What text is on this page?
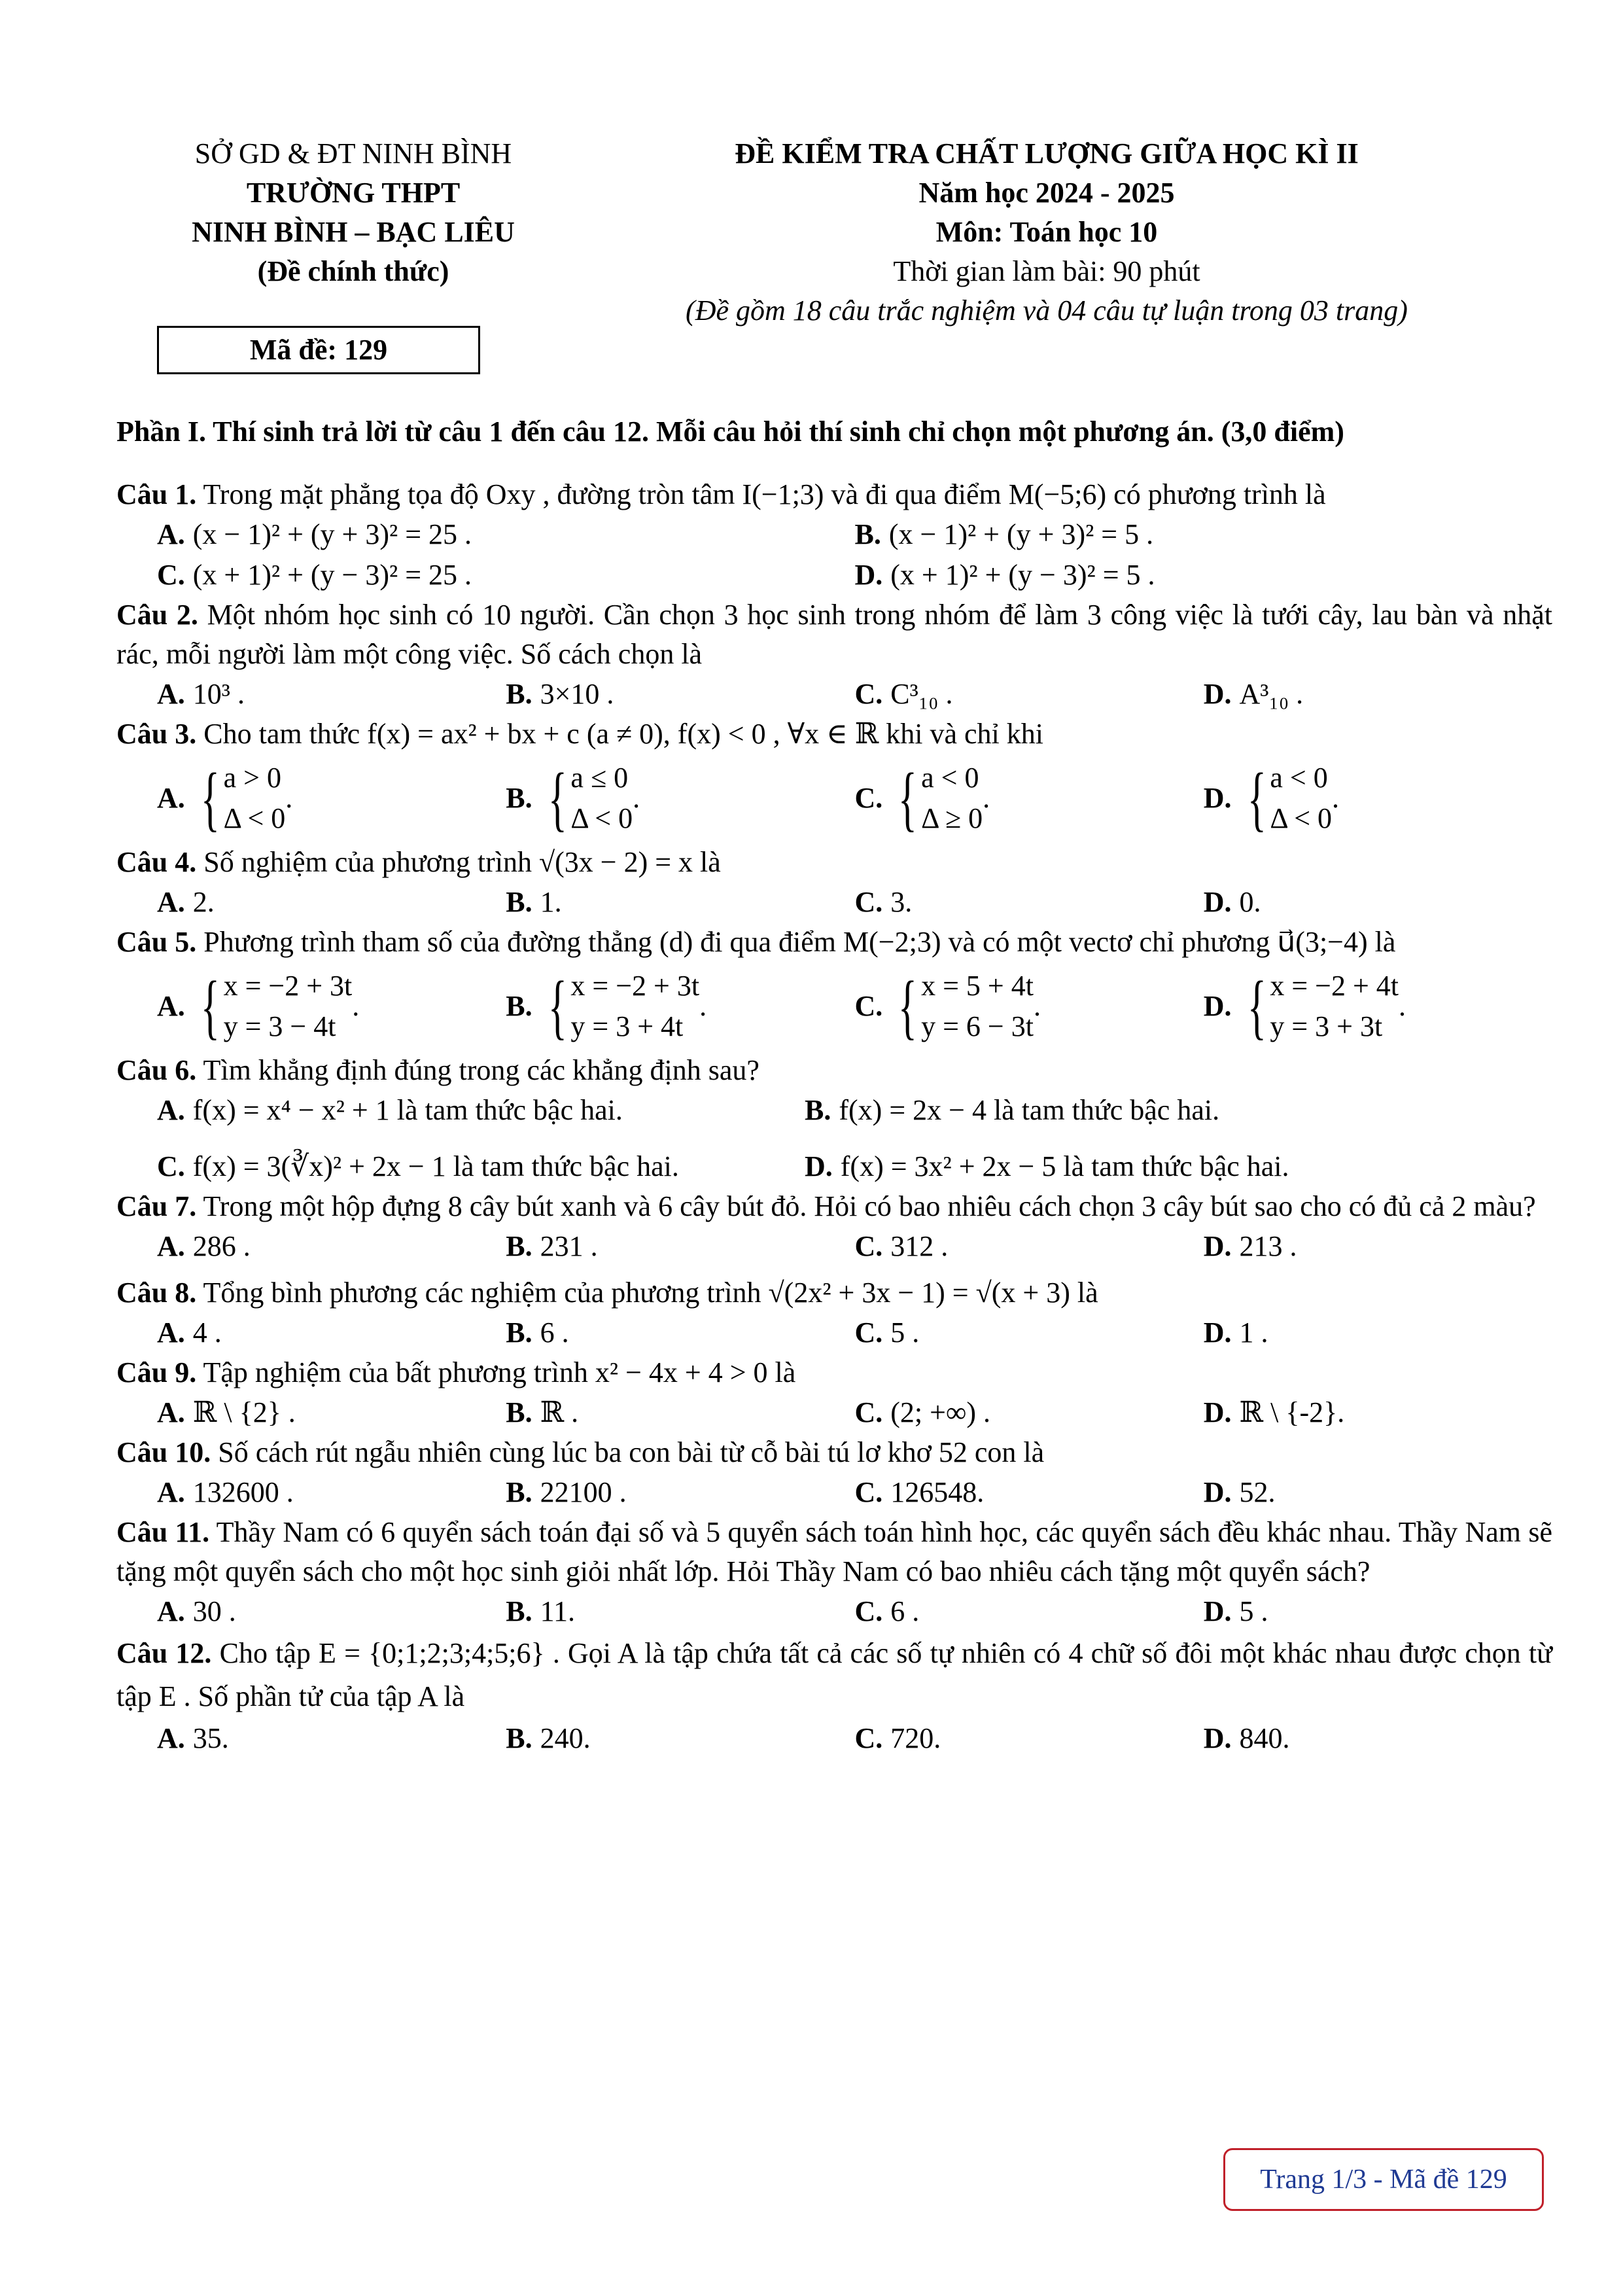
SỞ GD & ĐT NINH BÌNH
TRƯỜNG THPT
NINH BÌNH – BẠC LIÊU
(Đề chính thức)
ĐỀ KIỂM TRA CHẤT LƯỢNG GIỮA HỌC KÌ II
Năm học 2024 - 2025
Môn: Toán học 10
Thời gian làm bài: 90 phút
(Đề gồm 18 câu trắc nghiệm và 04 câu tự luận trong 03 trang)
Mã đề: 129
Phần I. Thí sinh trả lời từ câu 1 đến câu 12. Mỗi câu hỏi thí sinh chỉ chọn một phương án. (3,0 điểm)
Câu 1. Trong mặt phẳng tọa độ Oxy , đường tròn tâm I(−1;3) và đi qua điểm M(−5;6) có phương trình là
A. (x − 1)² + (y + 3)² = 25 .	B. (x − 1)² + (y + 3)² = 5 .
C. (x + 1)² + (y − 3)² = 25 .	D. (x + 1)² + (y − 3)² = 5 .
Câu 2. Một nhóm học sinh có 10 người. Cần chọn 3 học sinh trong nhóm để làm 3 công việc là tưới cây, lau bàn và nhặt rác, mỗi người làm một công việc. Số cách chọn là
A. 10³ .	B. 3×10 .	C. C³₁₀ .	D. A³₁₀ .
Câu 3. Cho tam thức f(x) = ax² + bx + c (a ≠ 0), f(x) < 0 , ∀x ∈ ℝ khi và chỉ khi
A. { a > 0
Δ < 0
.	B. { a ≤ 0
Δ < 0
.	C. { a < 0
Δ ≥ 0
.	D. { a < 0
Δ < 0
.
Câu 4. Số nghiệm của phương trình √(3x − 2) = x là
A. 2.	B. 1.	C. 3.	D. 0.
Câu 5. Phương trình tham số của đường thẳng (d) đi qua điểm M(−2;3) và có một vectơ chỉ phương u⃗(3;−4) là
A. { x = −2 + 3t
y = 3 − 4t
.	B. { x = −2 + 3t
y = 3 + 4t
.	C. { x = 5 + 4t
y = 6 − 3t
.	D. { x = −2 + 4t
y = 3 + 3t
.
Câu 6. Tìm khẳng định đúng trong các khẳng định sau?
A. f(x) = x⁴ − x² + 1 là tam thức bậc hai.	B. f(x) = 2x − 4 là tam thức bậc hai.
C. f(x) = 3(∛x)² + 2x − 1 là tam thức bậc hai.	D. f(x) = 3x² + 2x − 5 là tam thức bậc hai.
Câu 7. Trong một hộp đựng 8 cây bút xanh và 6 cây bút đỏ. Hỏi có bao nhiêu cách chọn 3 cây bút sao cho có đủ cả 2 màu?
A. 286 .	B. 231 .	C. 312 .	D. 213 .
Câu 8. Tổng bình phương các nghiệm của phương trình √(2x² + 3x − 1) = √(x + 3) là
A. 4 .	B. 6 .	C. 5 .	D. 1 .
Câu 9. Tập nghiệm của bất phương trình x² − 4x + 4 > 0 là
A. ℝ \ {2} .	B. ℝ .	C. (2; +∞) .	D. ℝ \ {-2}.
Câu 10. Số cách rút ngẫu nhiên cùng lúc ba con bài từ cỗ bài tú lơ khơ 52 con là
A. 132600 .	B. 22100 .	C. 126548.	D. 52.
Câu 11. Thầy Nam có 6 quyển sách toán đại số và 5 quyển sách toán hình học, các quyển sách đều khác nhau. Thầy Nam sẽ tặng một quyển sách cho một học sinh giỏi nhất lớp. Hỏi Thầy Nam có bao nhiêu cách tặng một quyển sách?
A. 30 .	B. 11.	C. 6 .	D. 5 .
Câu 12. Cho tập E = {0;1;2;3;4;5;6} . Gọi A là tập chứa tất cả các số tự nhiên có 4 chữ số đôi một khác nhau được chọn từ tập E . Số phần tử của tập A là
A. 35.	B. 240.	C. 720.	D. 840.
Trang 1/3 - Mã đề 129
